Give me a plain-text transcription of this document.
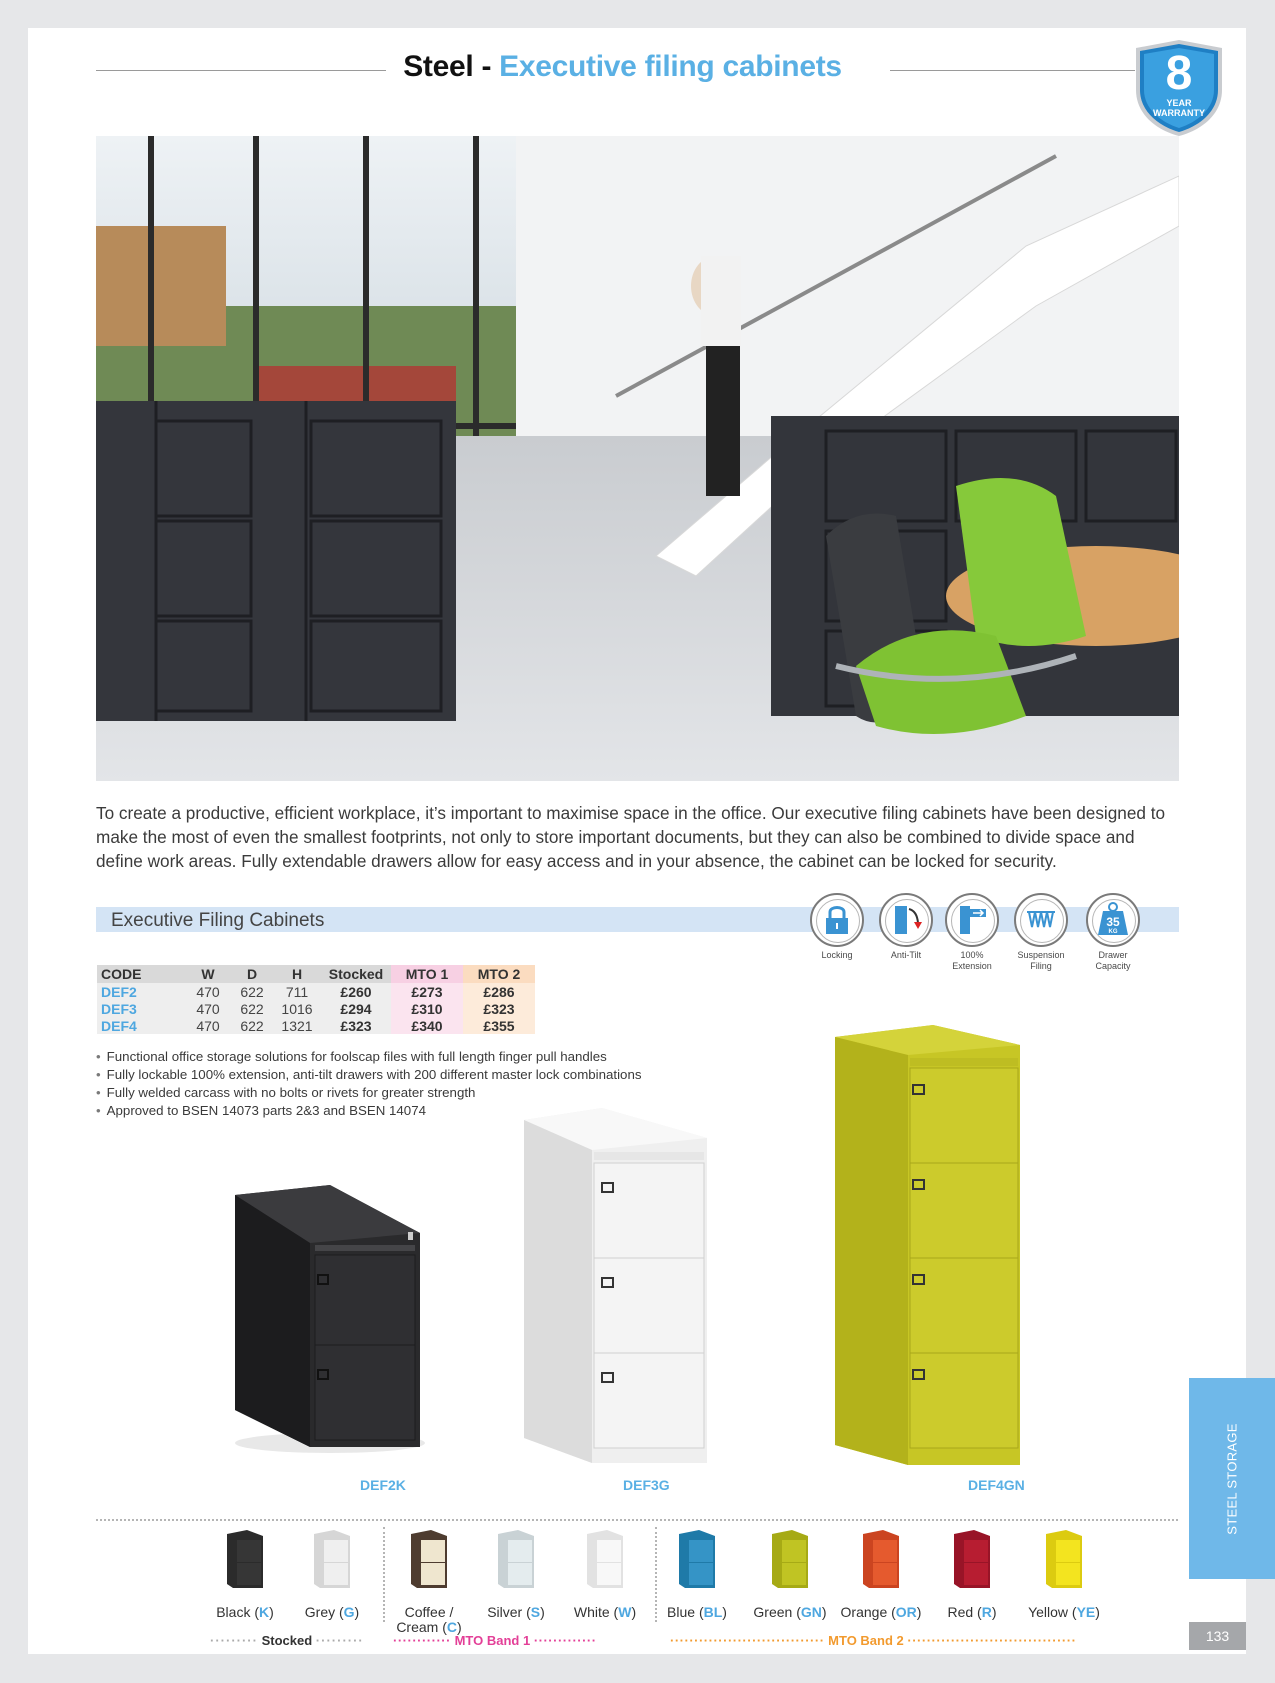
Steel - Executive filing cabinets	8
YEAR
WARRANTY
To create a productive, efficient workplace, it’s important to maximise space in the office. Our executive filing cabinets have been designed to make the most of even the smallest footprints, not only to store important documents, but they can also be combined to divide space and define work areas. Fully extendable drawers allow for easy access and in your absence, the cabinet can be locked for security.
Executive Filing Cabinets
Locking	Anti-Tilt	100%
Extension
Suspension
Filing
35
KG
Drawer
Capacity
CODE	W	D	H	Stocked	MTO 1	MTO 2
DEF2	470	622	711	£260	£273	£286
DEF3	470	622	1016	£294	£310	£323
DEF4	470	622	1321	£323	£340	£355
• Functional office storage solutions for foolscap files with full length finger pull handles
• Fully lockable 100% extension, anti-tilt drawers with 200 different master lock combinations
• Fully welded carcass with no bolts or rivets for greater strength
• Approved to BSEN 14073 parts 2&3 and BSEN 14074
DEF2K	DEF3G	DEF4GN
Black (K)	Grey (G)	Coffee /
Cream (C)
Silver (S)	White (W)	Blue (BL)	Green (GN) Orange (OR)	Red (R)	Yellow (YE)
········· Stocked ········· ············ MTO Band 1 ·············	································ MTO Band 2 ···································
STEEL STORAGE
133
